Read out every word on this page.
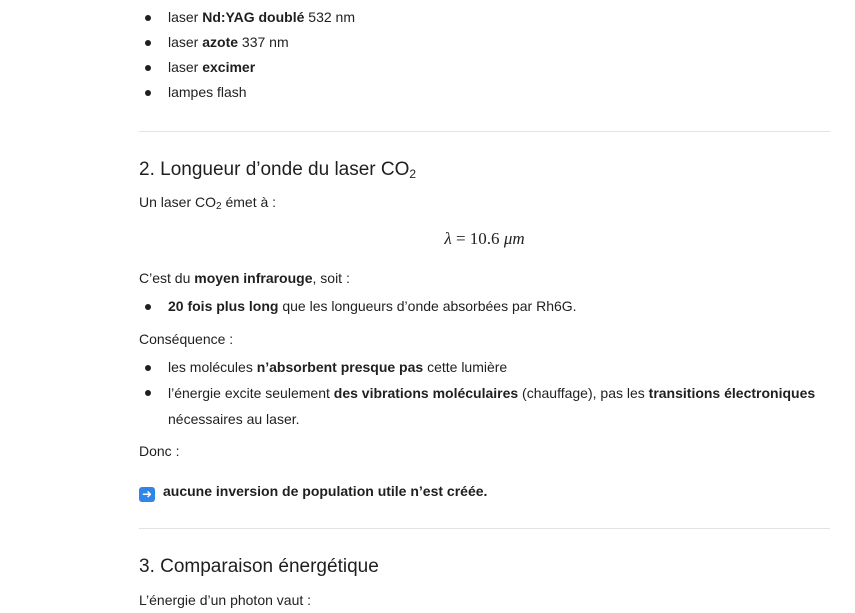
laser Nd:YAG doublé 532 nm
laser azote 337 nm
laser excimer
lampes flash
2. Longueur d’onde du laser CO2

Un laser CO2 émet à :

λ = 10.6 μm

C’est du moyen infrarouge, soit :

20 fois plus long que les longueurs d’onde absorbées par Rh6G.

Conséquence :

les molécules n’absorbent presque pas cette lumière
l’énergie excite seulement des vibrations moléculaires (chauffage), pas les transitions électroniques nécessaires au laser.

Donc :

➜ aucune inversion de population utile n’est créée.

3. Comparaison énergétique

L’énergie d’un photon vaut :
